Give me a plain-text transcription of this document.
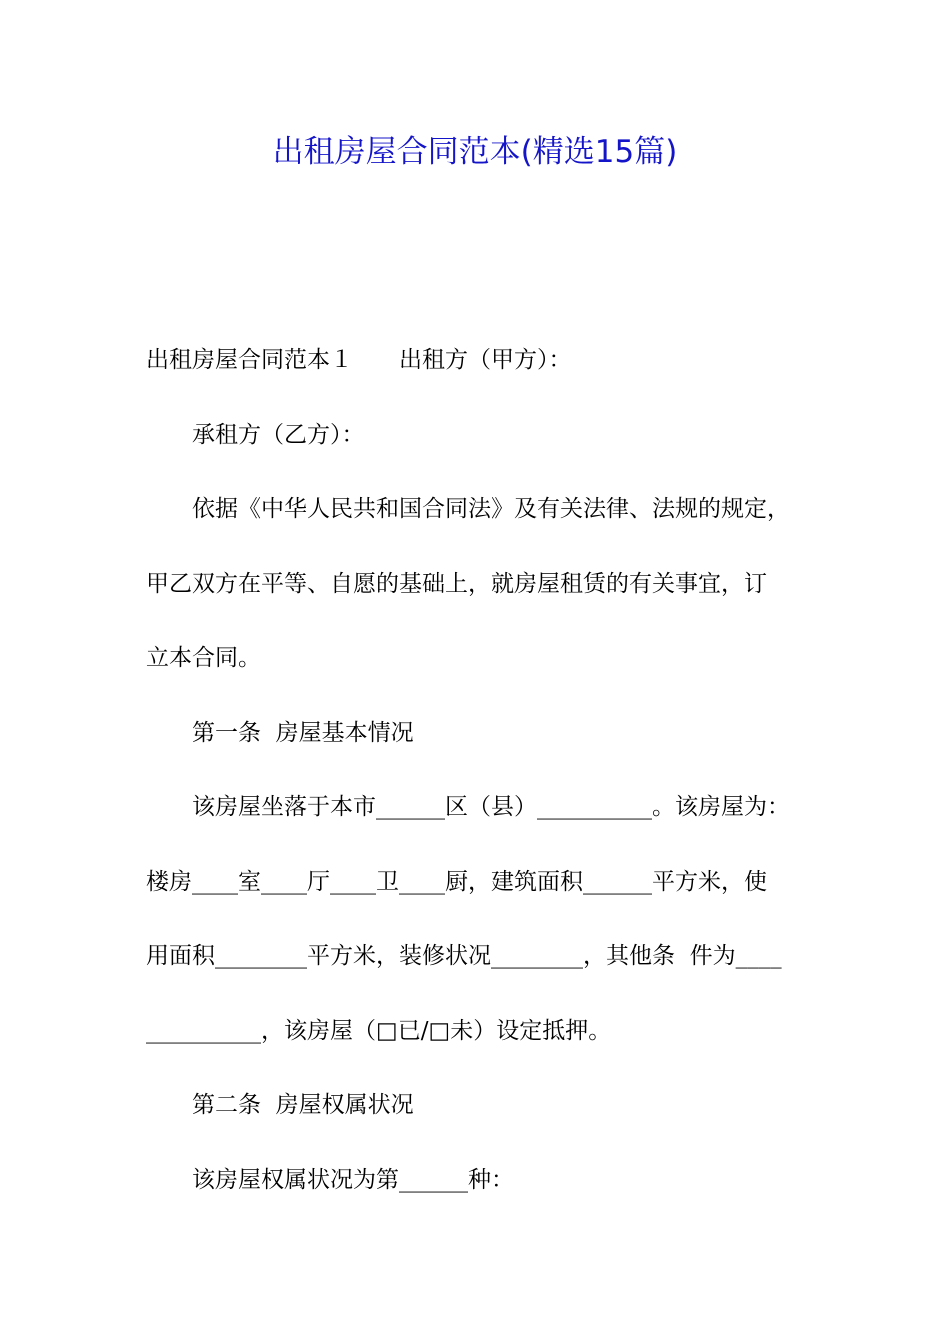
出租房屋合同范本(精选15篇)
出租房屋合同范本１　　出租方（甲方）：
承租方（乙方）：
依据《中华人民共和国合同法》及有关法律、法规的规定，
甲乙双方在平等、自愿的基础上，就房屋租赁的有关事宜，订
立本合同。
第一条  房屋基本情况
该房屋坐落于本市______区（县）__________。该房屋为：
楼房____室____厅____卫____厨，建筑面积______平方米，使
用面积________平方米，装修状况________，其他条  件为____
__________，该房屋（□已/□未）设定抵押。
第二条  房屋权属状况
该房屋权属状况为第______种：
